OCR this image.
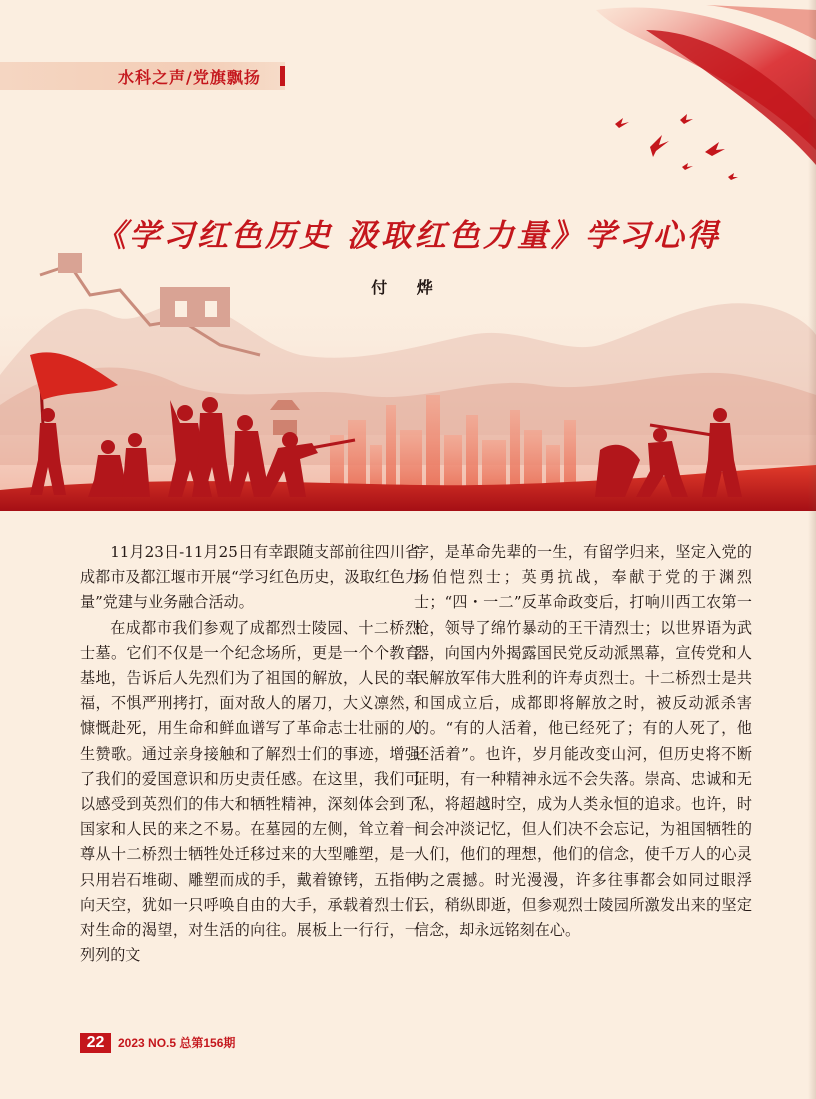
水科之声/党旗飘扬
《学习红色历史 汲取红色力量》学习心得
付 烨

11月23日-11月25日有幸跟随支部前往四川省成都市及都江堰市开展“学习红色历史，汲取红色力量”党建与业务融合活动。

在成都市我们参观了成都烈士陵园、十二桥烈士墓。它们不仅是一个纪念场所，更是一个个教育基地，告诉后人先烈们为了祖国的解放，人民的幸福，不惧严刑拷打，面对敌人的屠刀，大义凛然，慷慨赴死，用生命和鲜血谱写了革命志士壮丽的人生赞歌。通过亲身接触和了解烈士们的事迹，增强了我们的爱国意识和历史责任感。在这里，我们可以感受到英烈们的伟大和牺牲精神，深刻体会到了国家和人民的来之不易。在墓园的左侧，耸立着一尊从十二桥烈士牺牲处迁移过来的大型雕塑，是一只用岩石堆砌、雕塑而成的手，戴着镣铐，五指伸向天空，犹如一只呼唤自由的大手，承载着烈士们对生命的渴望，对生活的向往。展板上一行行，一列列的文

字，是革命先辈的一生，有留学归来，坚定入党的杨伯恺烈士；英勇抗战，奉献于党的于渊烈士；“四・一二”反革命政变后，打响川西工农第一枪，领导了绵竹暴动的王干清烈士；以世界语为武器，向国内外揭露国民党反动派黑幕，宣传党和人民解放军伟大胜利的许寿贞烈士。十二桥烈士是共和国成立后，成都即将解放之时，被反动派杀害的。“有的人活着，他已经死了；有的人死了，他还活着”。也许，岁月能改变山河，但历史将不断证明，有一种精神永远不会失落。崇高、忠诚和无私，将超越时空，成为人类永恒的追求。也许，时间会冲淡记忆，但人们决不会忘记，为祖国牺牲的人们，他们的理想，他们的信念，使千万人的心灵为之震撼。时光漫漫，许多往事都会如同过眼浮云，稍纵即逝，但参观烈士陵园所激发出来的坚定信念，却永远铭刻在心。

22	2023 NO.5 总第156期
